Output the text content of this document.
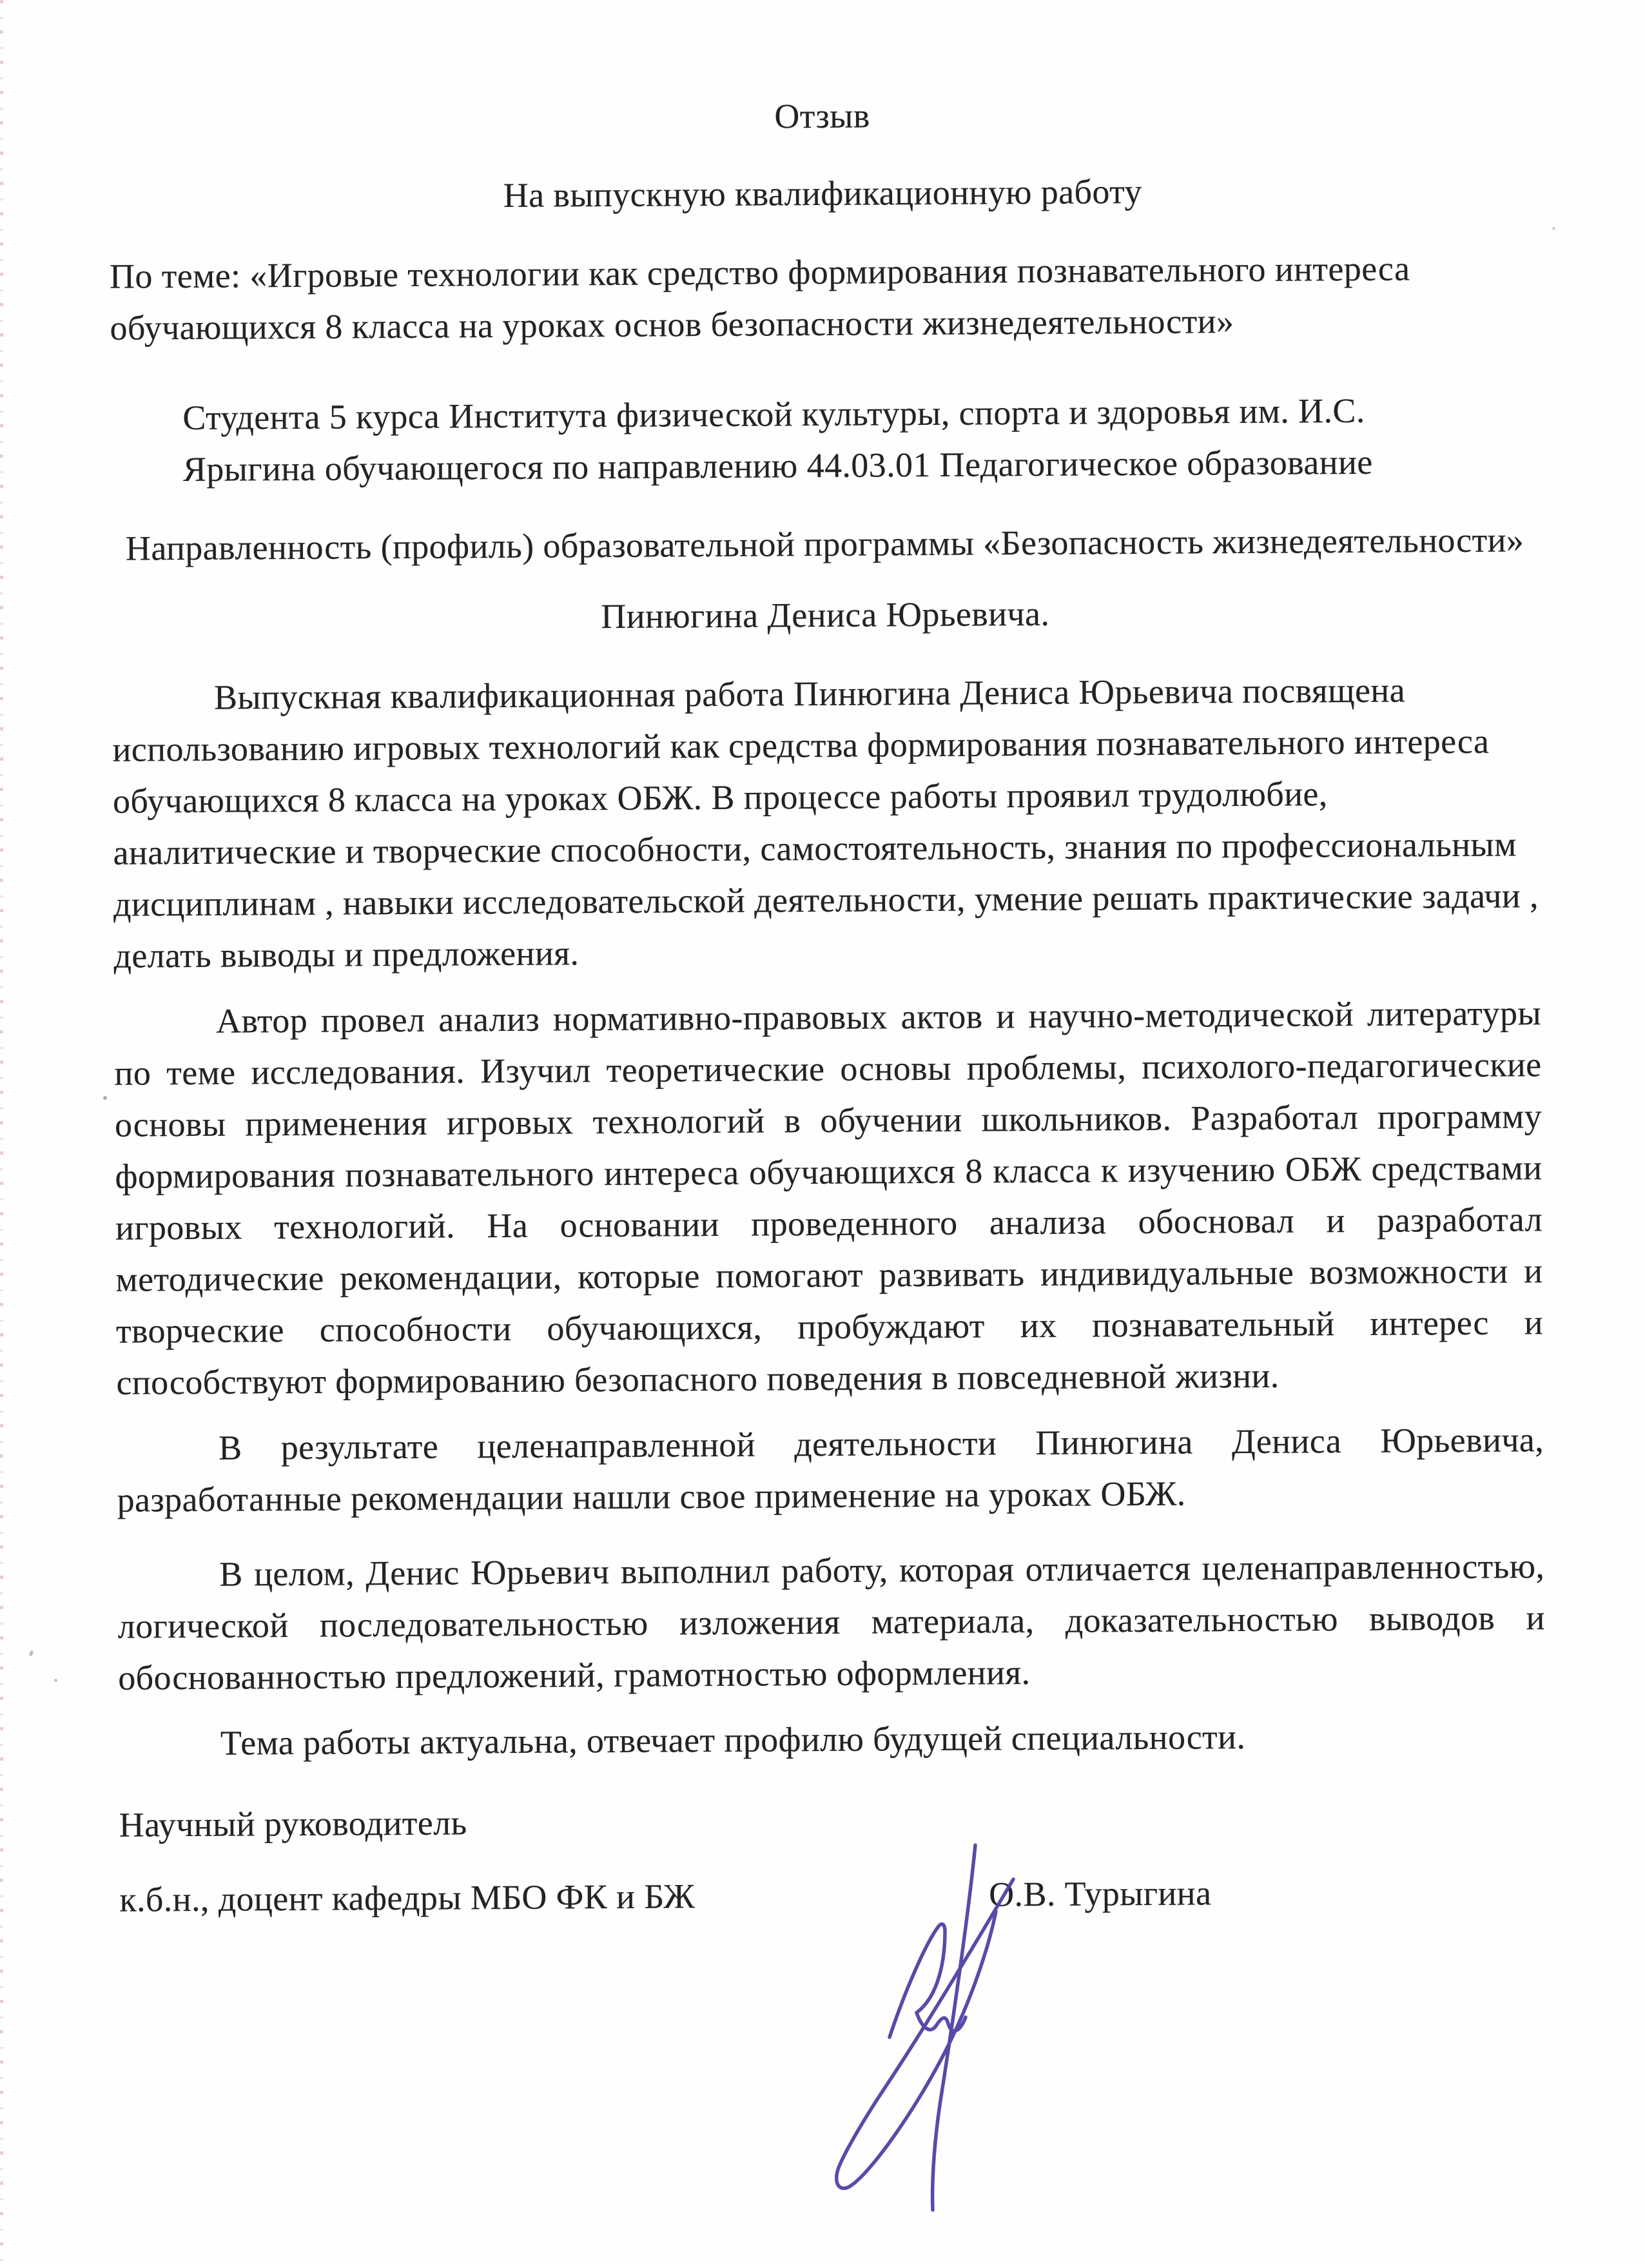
Отзыв
На выпускную квалификационную работу
По теме: «Игровые технологии как средство формирования познавательного интереса обучающихся 8 класса на уроках основ безопасности жизнедеятельности»
Студента 5 курса Института физической культуры, спорта и здоровья им. И.С. Ярыгина обучающегося по направлению 44.03.01 Педагогическое образование
Направленность (профиль) образовательной программы «Безопасность жизнедеятельности»
Пинюгина Дениса Юрьевича.

Выпускная квалификационная работа Пинюгина Дениса Юрьевича посвящена использованию игровых технологий как средства формирования познавательного интереса обучающихся 8 класса на уроках ОБЖ. В процессе работы проявил трудолюбие, аналитические и творческие способности, самостоятельность, знания по профессиональным дисциплинам , навыки исследовательской деятельности, умение решать практические задачи , делать выводы и предложения.

Автор провел анализ нормативно-правовых актов и научно-методической литературы по теме исследования. Изучил теоретические основы проблемы, психолого-педагогические основы применения игровых технологий в обучении школьников. Разработал программу формирования познавательного интереса обучающихся 8 класса к изучению ОБЖ средствами игровых технологий. На основании проведенного анализа обосновал и разработал методические рекомендации, которые помогают развивать индивидуальные возможности и творческие способности обучающихся, пробуждают их познавательный интерес и способствуют формированию безопасного поведения в повседневной жизни.

В результате целенаправленной деятельности Пинюгина Дениса Юрьевича, разработанные рекомендации нашли свое применение на уроках ОБЖ.

В целом, Денис Юрьевич выполнил работу, которая отличается целенаправленностью, логической последовательностью изложения материала, доказательностью выводов и обоснованностью предложений, грамотностью оформления.

Тема работы актуальна, отвечает профилю будущей специальности.

Научный руководитель
к.б.н., доцент кафедры МБО ФК и БЖ	О.В. Турыгина
